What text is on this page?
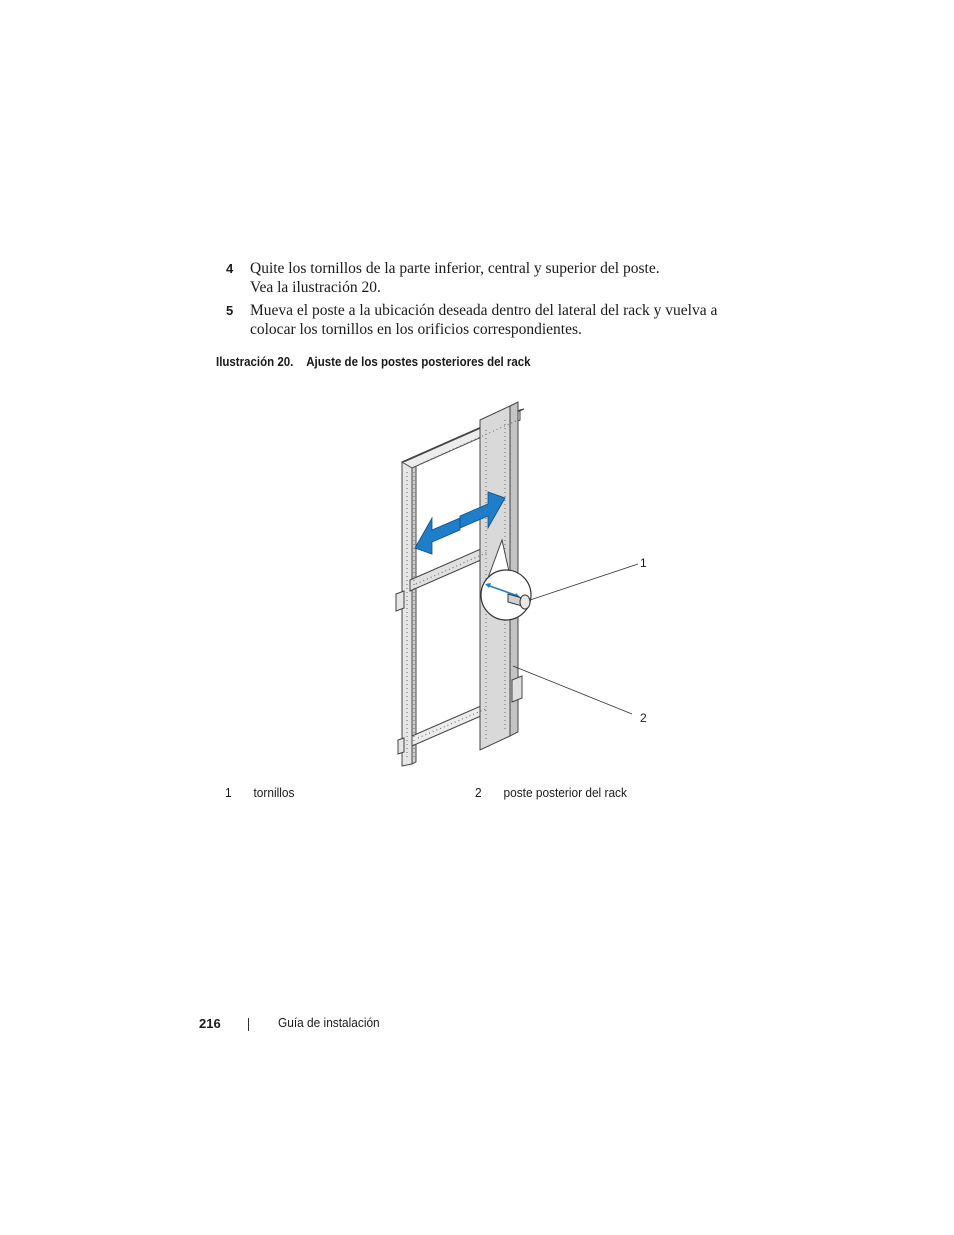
4 Quite los tornillos de la parte inferior, central y superior del poste.
Vea la ilustración 20.
5 Mueva el poste a la ubicación deseada dentro del lateral del rack y vuelva a
colocar los tornillos en los orificios correspondientes.
Ilustración 20. Ajuste de los postes posteriores del rack
1
2
1 tornillos	2 poste posterior del rack
216	Guía de instalación
